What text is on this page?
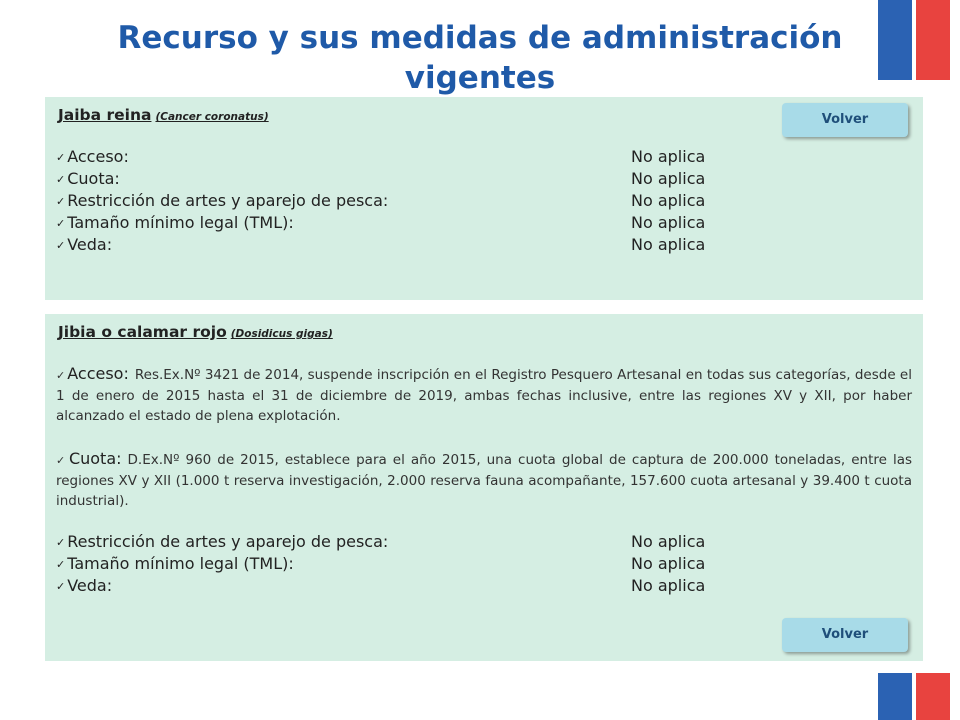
Recurso y sus medidas de administración vigentes
Jaiba reina (Cancer coronatus)
✓ Acceso:	No aplica
✓ Cuota:	No aplica
✓ Restricción de artes y aparejo de pesca:	No aplica
✓ Tamaño mínimo legal (TML):	No aplica
✓ Veda:	No aplica
Volver
Jibia o calamar rojo (Dosidicus gigas)
✓ Acceso: Res.Ex.Nº 3421 de 2014, suspende inscripción en el Registro Pesquero Artesanal en todas sus categorías, desde el 1 de enero de 2015 hasta el 31 de diciembre de 2019, ambas fechas inclusive, entre las regiones XV y XII, por haber alcanzado el estado de plena explotación.
✓ Cuota: D.Ex.Nº 960 de 2015, establece para el año 2015, una cuota global de captura de 200.000 toneladas, entre las regiones XV y XII (1.000 t reserva investigación, 2.000 reserva fauna acompañante, 157.600 cuota artesanal y 39.400 t cuota industrial).
✓ Restricción de artes y aparejo de pesca:	No aplica
✓ Tamaño mínimo legal (TML):	No aplica
✓ Veda:	No aplica
Volver
